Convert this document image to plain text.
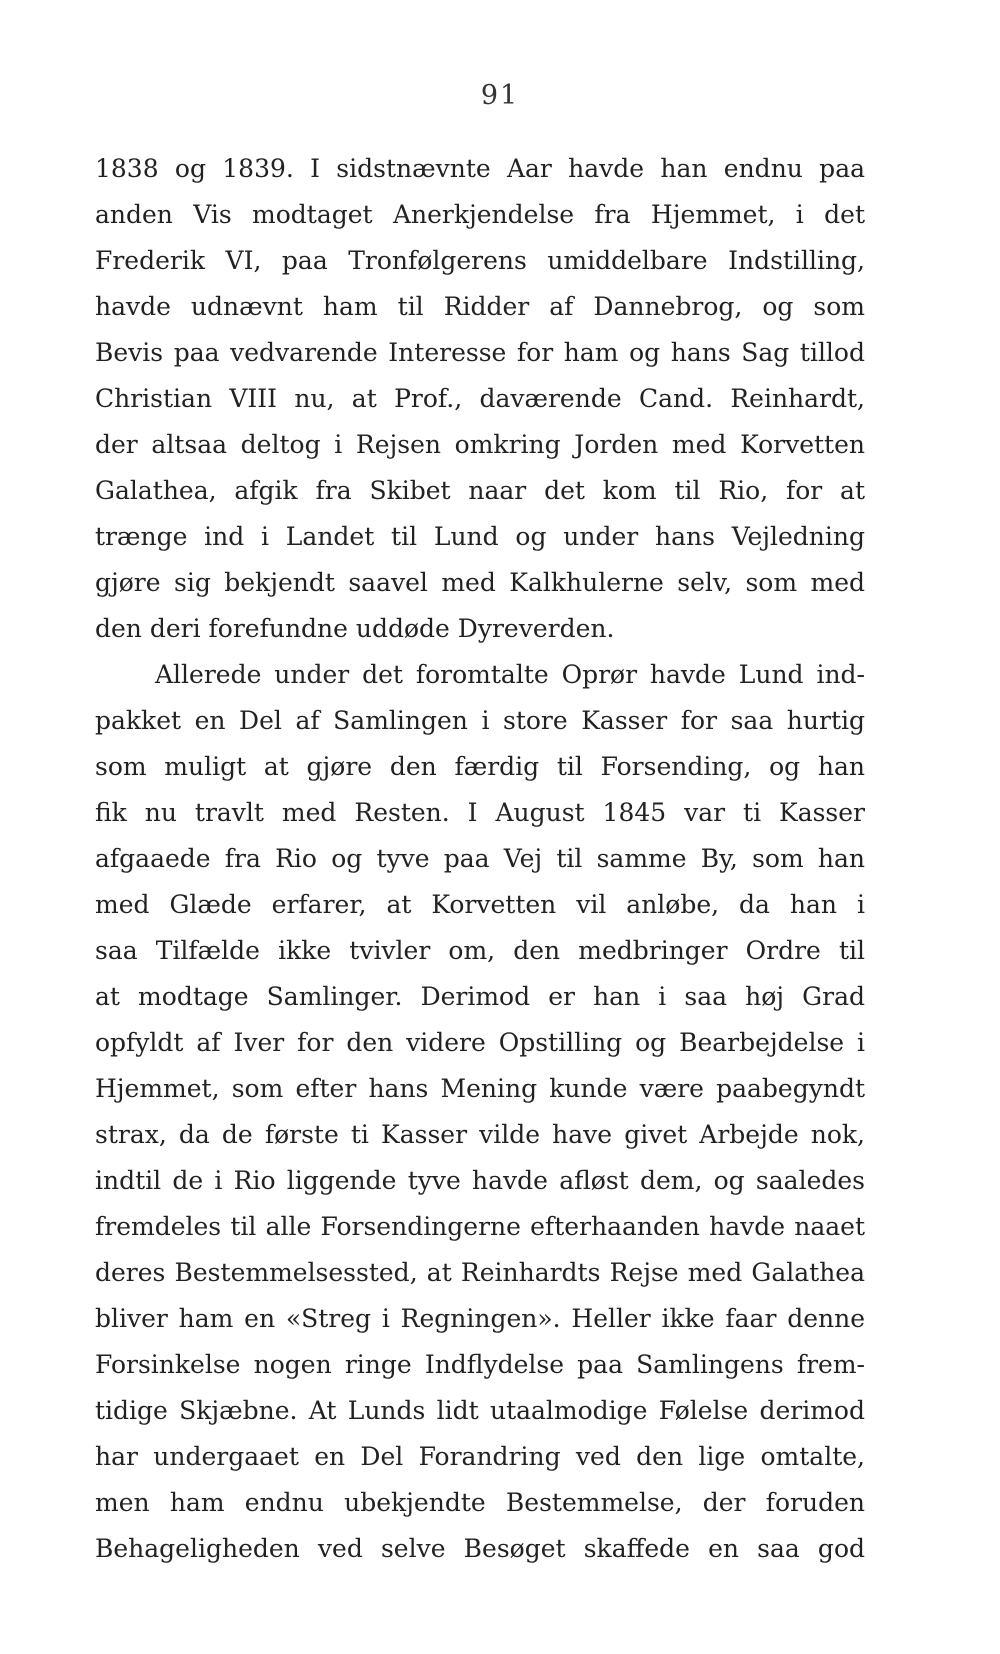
91
1838 og 1839. I sidstnævnte Aar havde han endnu paa
anden Vis modtaget Anerkjendelse fra Hjemmet, i det
Frederik VI, paa Tronfølgerens umiddelbare Indstilling,
havde udnævnt ham til Ridder af Dannebrog, og som
Bevis paa vedvarende Interesse for ham og hans Sag tillod
Christian VIII nu, at Prof., daværende Cand. Reinhardt,
der altsaa deltog i Rejsen omkring Jorden med Korvetten
Galathea, afgik fra Skibet naar det kom til Rio, for at
trænge ind i Landet til Lund og under hans Vejledning
gjøre sig bekjendt saavel med Kalkhulerne selv, som med
den deri forefundne uddøde Dyreverden.
Allerede under det foromtalte Oprør havde Lund ind-
pakket en Del af Samlingen i store Kasser for saa hurtig
som muligt at gjøre den færdig til Forsending, og han
fik nu travlt med Resten. I August 1845 var ti Kasser
afgaaede fra Rio og tyve paa Vej til samme By, som han
med Glæde erfarer, at Korvetten vil anløbe, da han i
saa Tilfælde ikke tvivler om, den medbringer Ordre til
at modtage Samlinger. Derimod er han i saa høj Grad
opfyldt af Iver for den videre Opstilling og Bearbejdelse i
Hjemmet, som efter hans Mening kunde være paabegyndt
strax, da de første ti Kasser vilde have givet Arbejde nok,
indtil de i Rio liggende tyve havde afløst dem, og saaledes
fremdeles til alle Forsendingerne efterhaanden havde naaet
deres Bestemmelsessted, at Reinhardts Rejse med Galathea
bliver ham en «Streg i Regningen». Heller ikke faar denne
Forsinkelse nogen ringe Indflydelse paa Samlingens frem-
tidige Skjæbne. At Lunds lidt utaalmodige Følelse derimod
har undergaaet en Del Forandring ved den lige omtalte,
men ham endnu ubekjendte Bestemmelse, der foruden
Behageligheden ved selve Besøget skaffede en saa god
